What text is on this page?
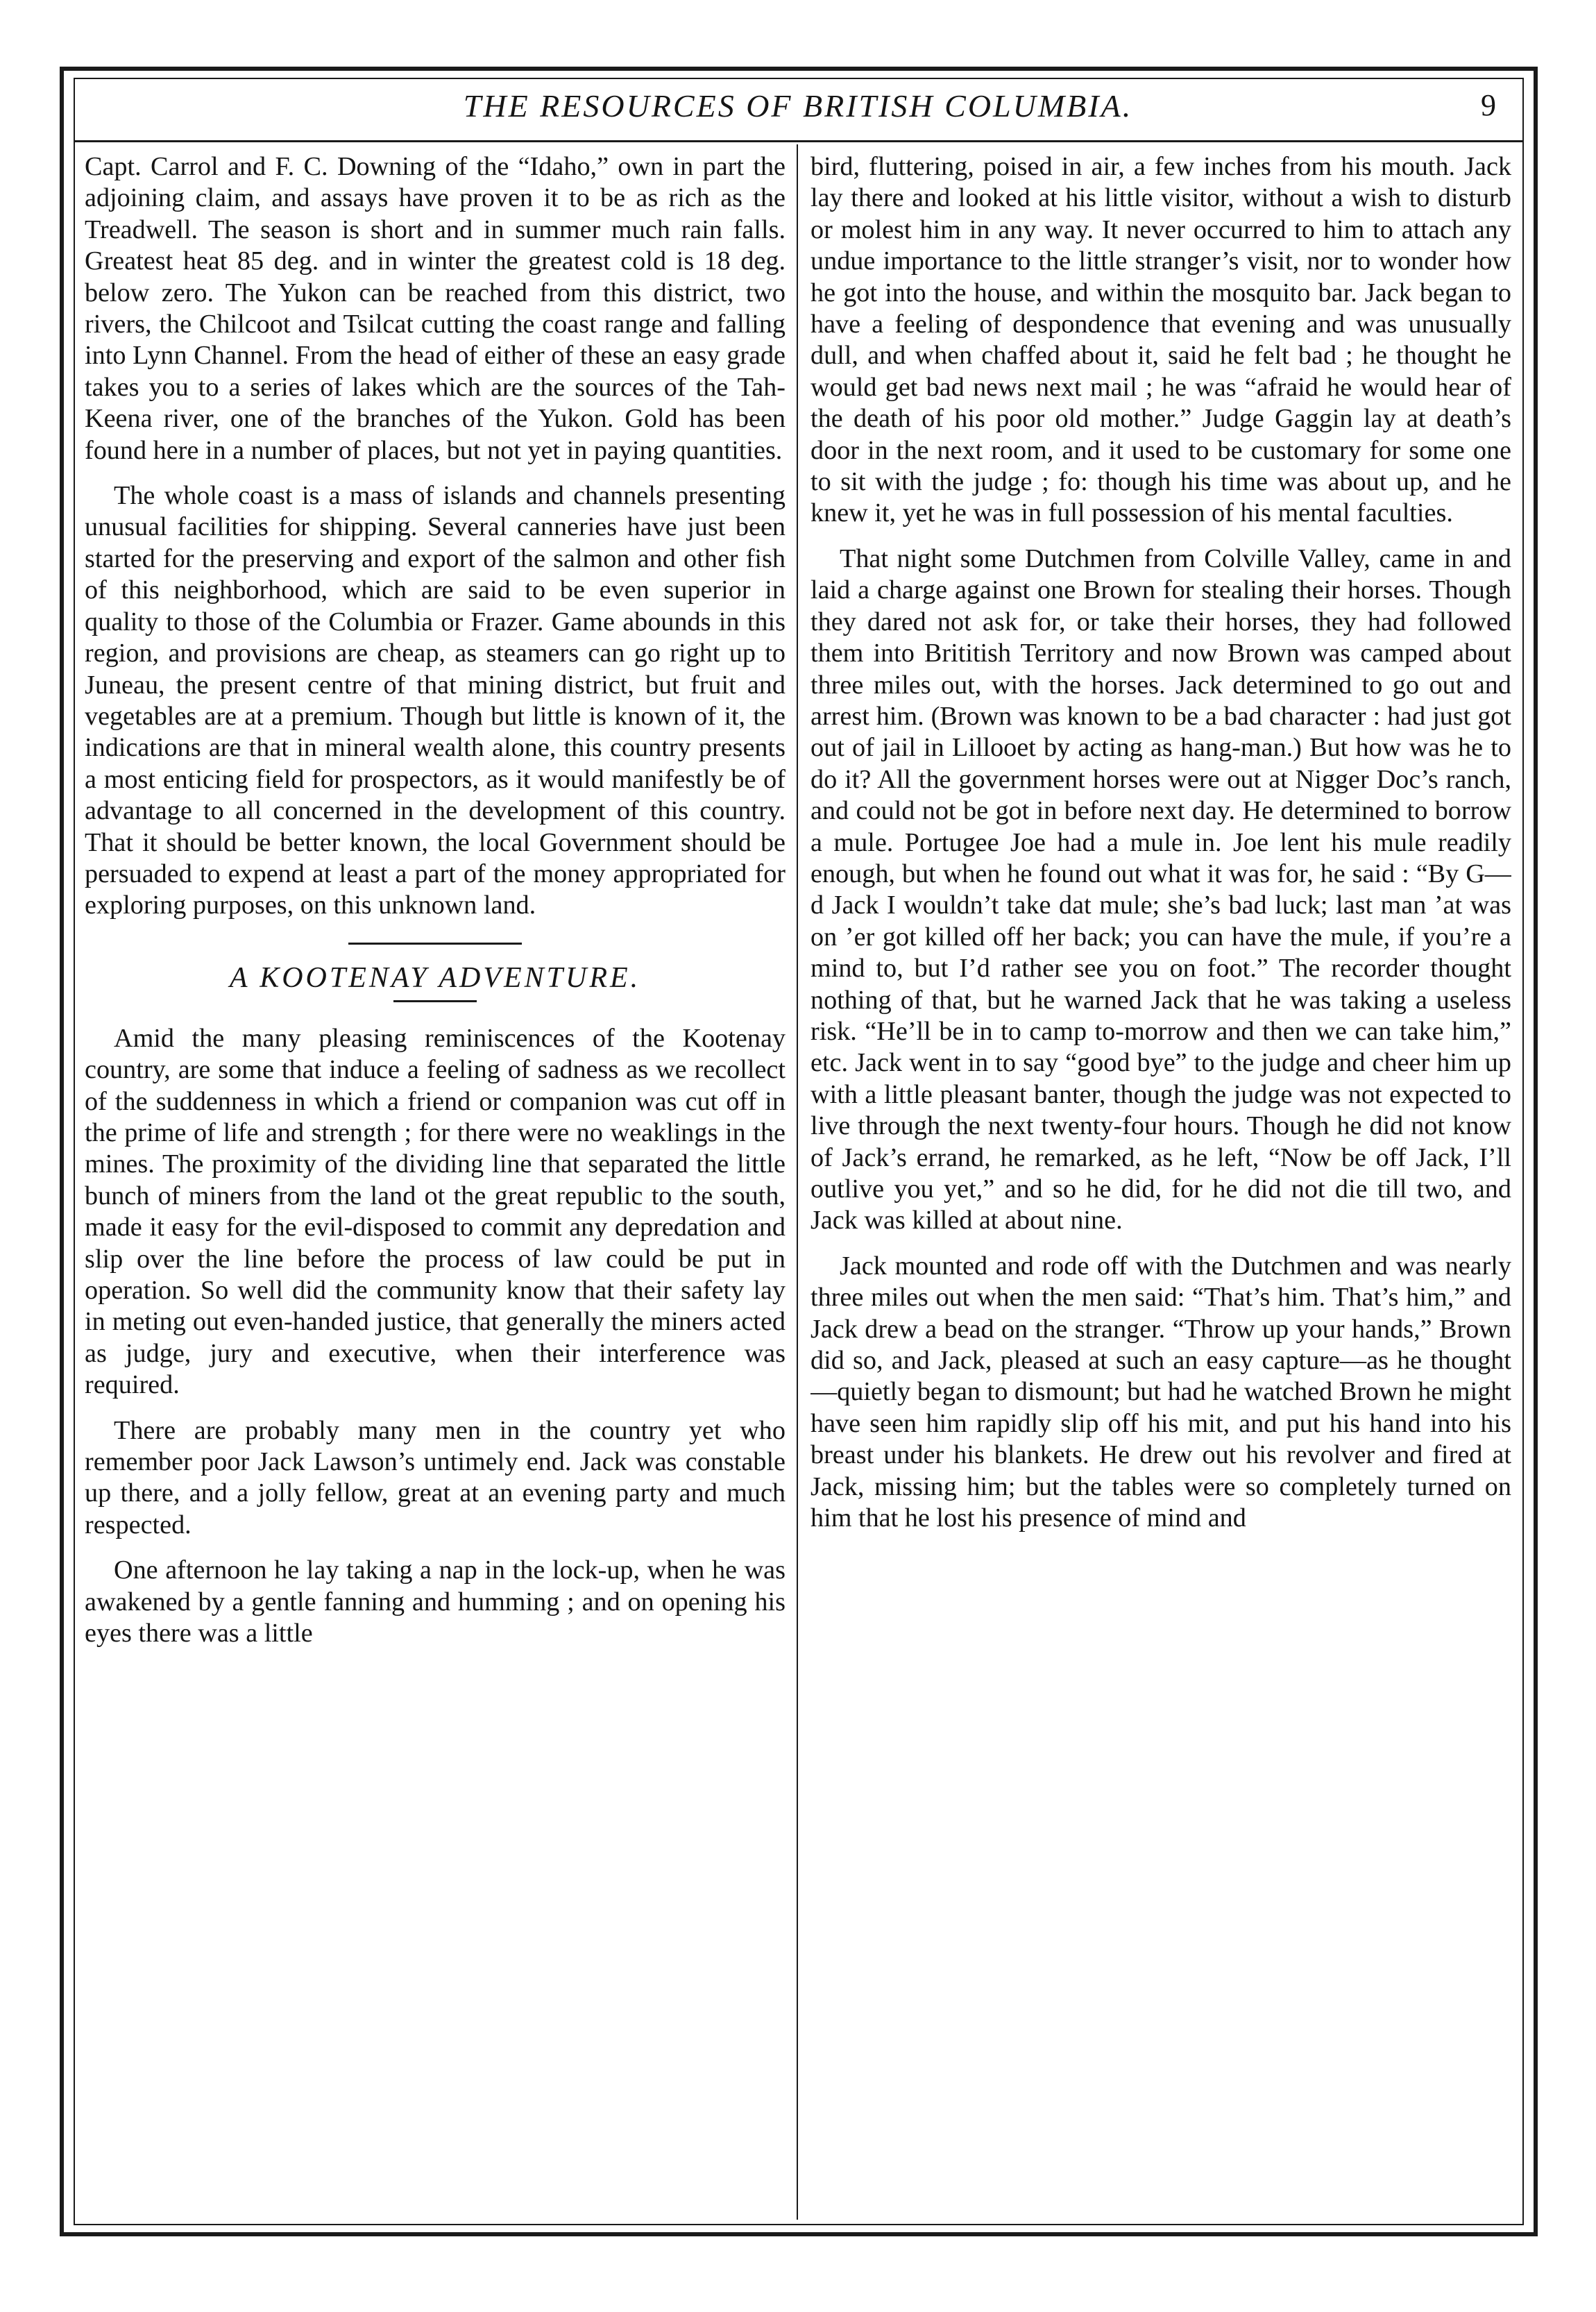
THE RESOURCES OF BRITISH COLUMBIA.	9

Capt. Carrol and F. C. Downing of the “Idaho,” own in part the adjoining claim, and assays have proven it to be as rich as the Treadwell. The season is short and in summer much rain falls. Greatest heat 85 deg. and in winter the greatest cold is 18 deg. below zero. The Yukon can be reached from this district, two rivers, the Chilcoot and Tsilcat cutting the coast range and falling into Lynn Channel. From the head of either of these an easy grade takes you to a series of lakes which are the sources of the Tah-Keena river, one of the branches of the Yukon. Gold has been found here in a number of places, but not yet in paying quantities.

The whole coast is a mass of islands and channels presenting unusual facilities for shipping. Several canneries have just been started for the preserving and export of the salmon and other fish of this neighborhood, which are said to be even superior in quality to those of the Columbia or Frazer. Game abounds in this region, and provisions are cheap, as steamers can go right up to Juneau, the present centre of that mining district, but fruit and vegetables are at a premium. Though but little is known of it, the indications are that in mineral wealth alone, this country presents a most enticing field for prospectors, as it would manifestly be of advantage to all concerned in the development of this country. That it should be better known, the local Government should be persuaded to expend at least a part of the money appropriated for exploring purposes, on this unknown land.

A KOOTENAY ADVENTURE.

Amid the many pleasing reminiscences of the Kootenay country, are some that induce a feeling of sadness as we recollect of the suddenness in which a friend or companion was cut off in the prime of life and strength ; for there were no weaklings in the mines. The proximity of the dividing line that separated the little bunch of miners from the land ot the great republic to the south, made it easy for the evil-disposed to commit any depredation and slip over the line before the process of law could be put in operation. So well did the community know that their safety lay in meting out even-handed justice, that generally the miners acted as judge, jury and executive, when their interference was required.

There are probably many men in the country yet who remember poor Jack Lawson’s untimely end. Jack was constable up there, and a jolly fellow, great at an evening party and much respected.

One afternoon he lay taking a nap in the lock-up, when he was awakened by a gentle fanning and humming ; and on opening his eyes there was a little

bird, fluttering, poised in air, a few inches from his mouth. Jack lay there and looked at his little visitor, without a wish to disturb or molest him in any way. It never occurred to him to attach any undue importance to the little stranger’s visit, nor to wonder how he got into the house, and within the mosquito bar. Jack began to have a feeling of despondence that evening and was unusually dull, and when chaffed about it, said he felt bad ; he thought he would get bad news next mail ; he was “afraid he would hear of the death of his poor old mother.” Judge Gaggin lay at death’s door in the next room, and it used to be customary for some one to sit with the judge ; fo: though his time was about up, and he knew it, yet he was in full possession of his mental faculties.

That night some Dutchmen from Colville Valley, came in and laid a charge against one Brown for stealing their horses. Though they dared not ask for, or take their horses, they had followed them into Brititish Territory and now Brown was camped about three miles out, with the horses. Jack determined to go out and arrest him. (Brown was known to be a bad character : had just got out of jail in Lillooet by acting as hang-man.) But how was he to do it? All the government horses were out at Nigger Doc’s ranch, and could not be got in before next day. He determined to borrow a mule. Portugee Joe had a mule in. Joe lent his mule readily enough, but when he found out what it was for, he said : “By G—d Jack I wouldn’t take dat mule; she’s bad luck; last man ’at was on ’er got killed off her back; you can have the mule, if you’re a mind to, but I’d rather see you on foot.” The recorder thought nothing of that, but he warned Jack that he was taking a useless risk. “He’ll be in to camp to-morrow and then we can take him,” etc. Jack went in to say “good bye” to the judge and cheer him up with a little pleasant banter, though the judge was not expected to live through the next twenty-four hours. Though he did not know of Jack’s errand, he remarked, as he left, “Now be off Jack, I’ll outlive you yet,” and so he did, for he did not die till two, and Jack was killed at about nine.

Jack mounted and rode off with the Dutchmen and was nearly three miles out when the men said: “That’s him. That’s him,” and Jack drew a bead on the stranger. “Throw up your hands,” Brown did so, and Jack, pleased at such an easy capture—as he thought—quietly began to dismount; but had he watched Brown he might have seen him rapidly slip off his mit, and put his hand into his breast under his blankets. He drew out his revolver and fired at Jack, missing him; but the tables were so completely turned on him that he lost his presence of mind and
